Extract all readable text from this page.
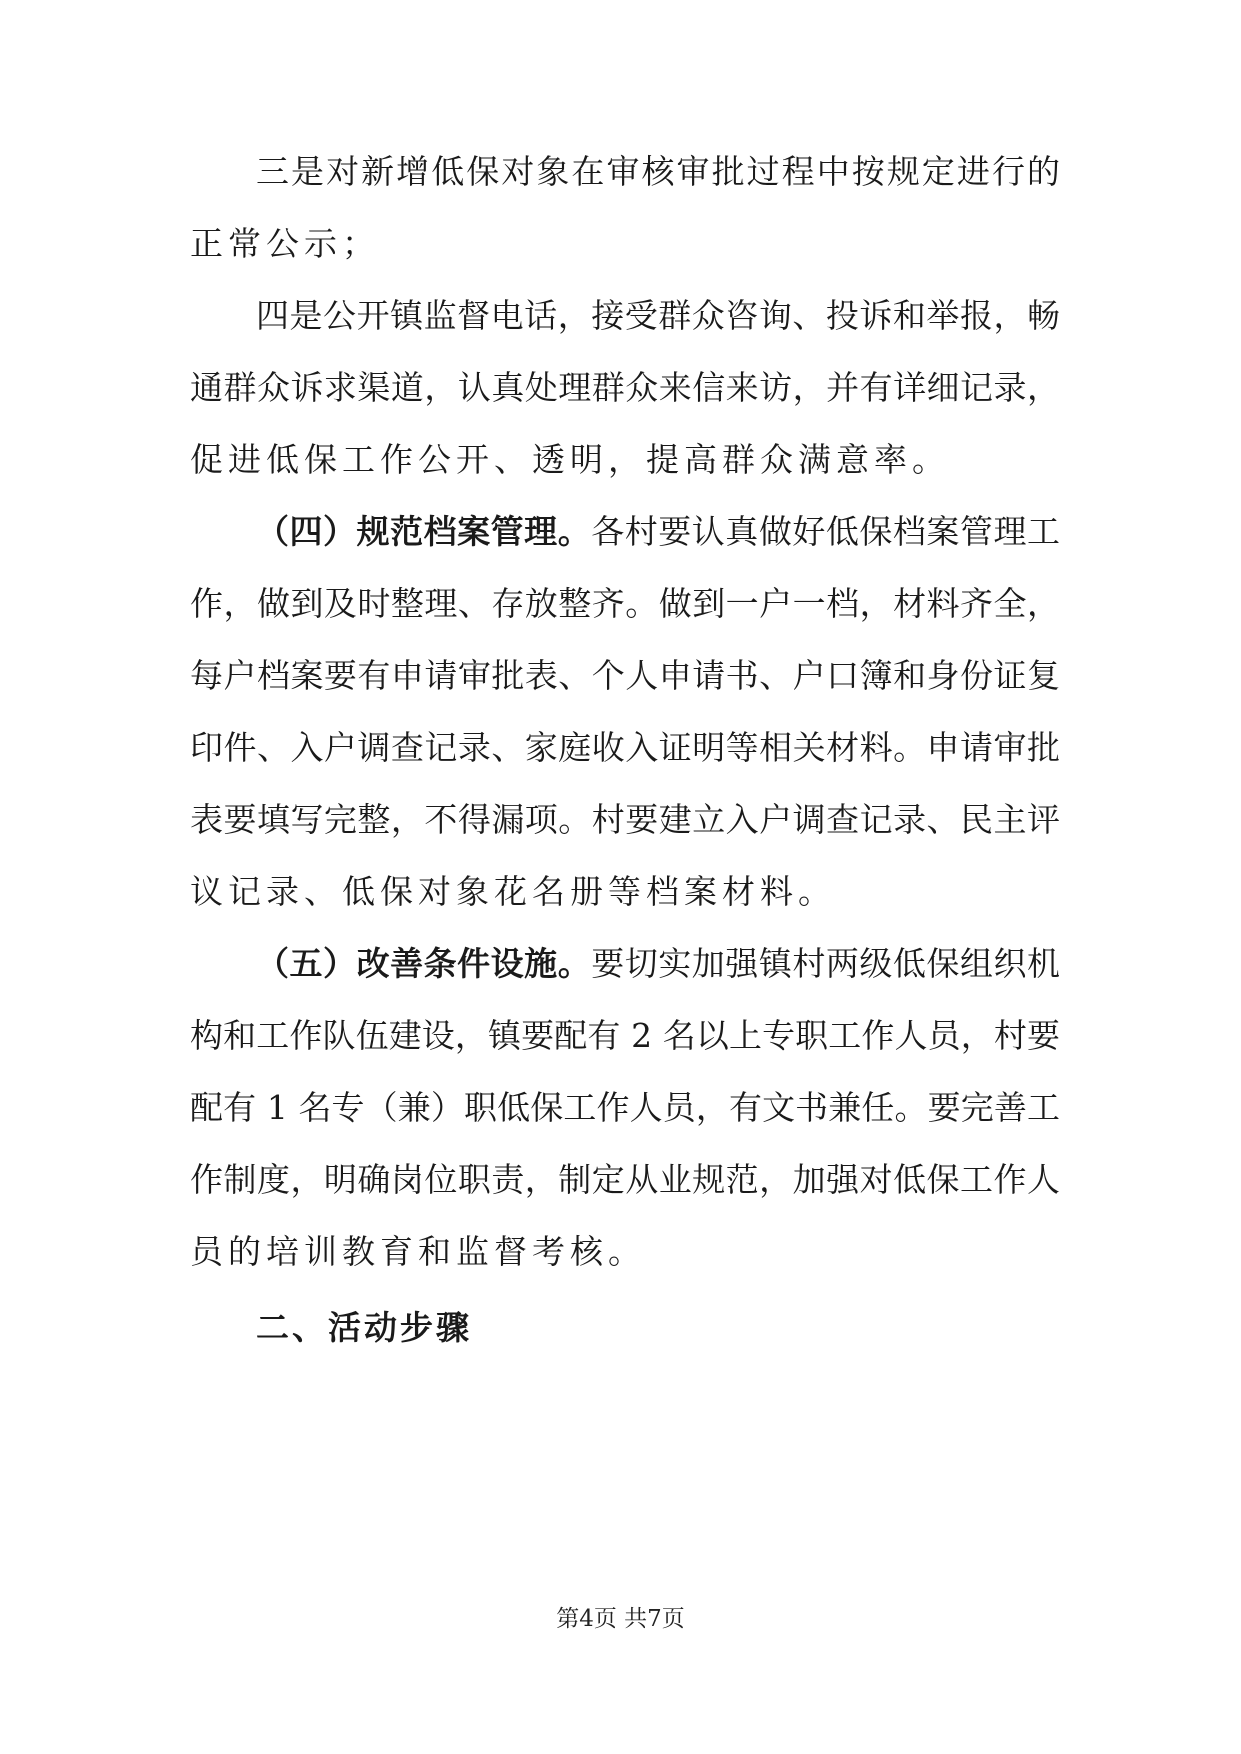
三是对新增低保对象在审核审批过程中按规定进行的
正常公示；
四是公开镇监督电话，接受群众咨询、投诉和举报，畅
通群众诉求渠道，认真处理群众来信来访，并有详细记录，
促进低保工作公开、透明，提高群众满意率。
（四）规范档案管理。各村要认真做好低保档案管理工
作，做到及时整理、存放整齐。做到一户一档，材料齐全，
每户档案要有申请审批表、个人申请书、户口簿和身份证复
印件、入户调查记录、家庭收入证明等相关材料。申请审批
表要填写完整，不得漏项。村要建立入户调查记录、民主评
议记录、低保对象花名册等档案材料。
（五）改善条件设施。要切实加强镇村两级低保组织机
构和工作队伍建设，镇要配有 2 名以上专职工作人员，村要
配有 1 名专（兼）职低保工作人员，有文书兼任。要完善工
作制度，明确岗位职责，制定从业规范，加强对低保工作人
员的培训教育和监督考核。
二、活动步骤
第4页 共7页
